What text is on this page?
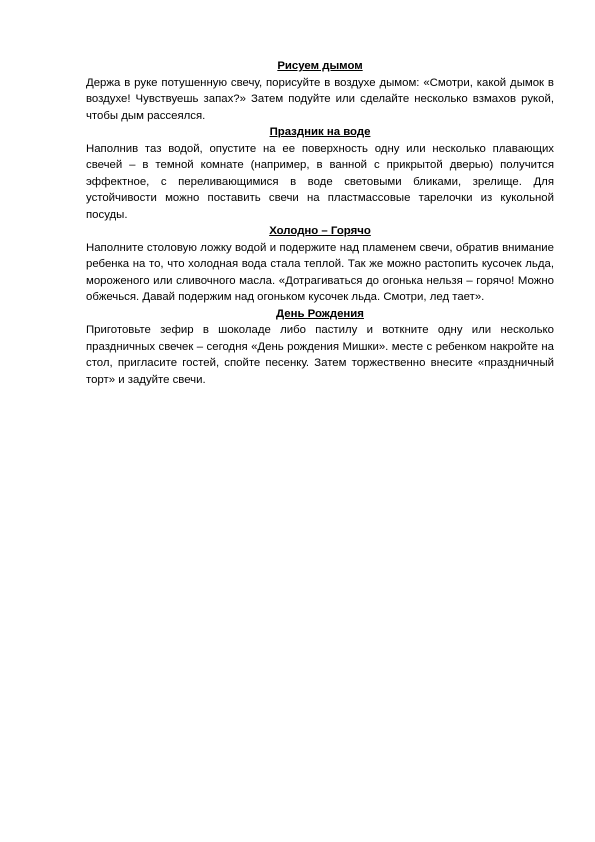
Рисуем дымом

Держа в руке потушенную свечу, порисуйте в воздухе дымом: «Смотри, какой дымок в воздухе! Чувствуешь запах?» Затем подуйте или сделайте несколько взмахов рукой, чтобы дым рассеялся.

Праздник на воде

Наполнив таз водой, опустите на ее поверхность одну или несколько плавающих свечей – в темной комнате (например, в ванной с прикрытой дверью) получится эффектное, с переливающимися в воде световыми бликами, зрелище. Для устойчивости можно поставить свечи на пластмассовые тарелочки из кукольной посуды.

Холодно – Горячо

Наполните столовую ложку водой и подержите над пламенем свечи, обратив внимание ребенка на то, что холодная вода стала теплой. Так же можно растопить кусочек льда, мороженого или сливочного масла. «Дотрагиваться до огонька нельзя – горячо! Можно обжечься. Давай подержим над огоньком кусочек льда. Смотри, лед тает».

День Рождения

Приготовьте зефир в шоколаде либо пастилу и воткните одну или несколько праздничных свечек – сегодня «День рождения Мишки». месте с ребенком накройте на стол, пригласите гостей, спойте песенку. Затем торжественно внесите «праздничный торт» и задуйте свечи.
